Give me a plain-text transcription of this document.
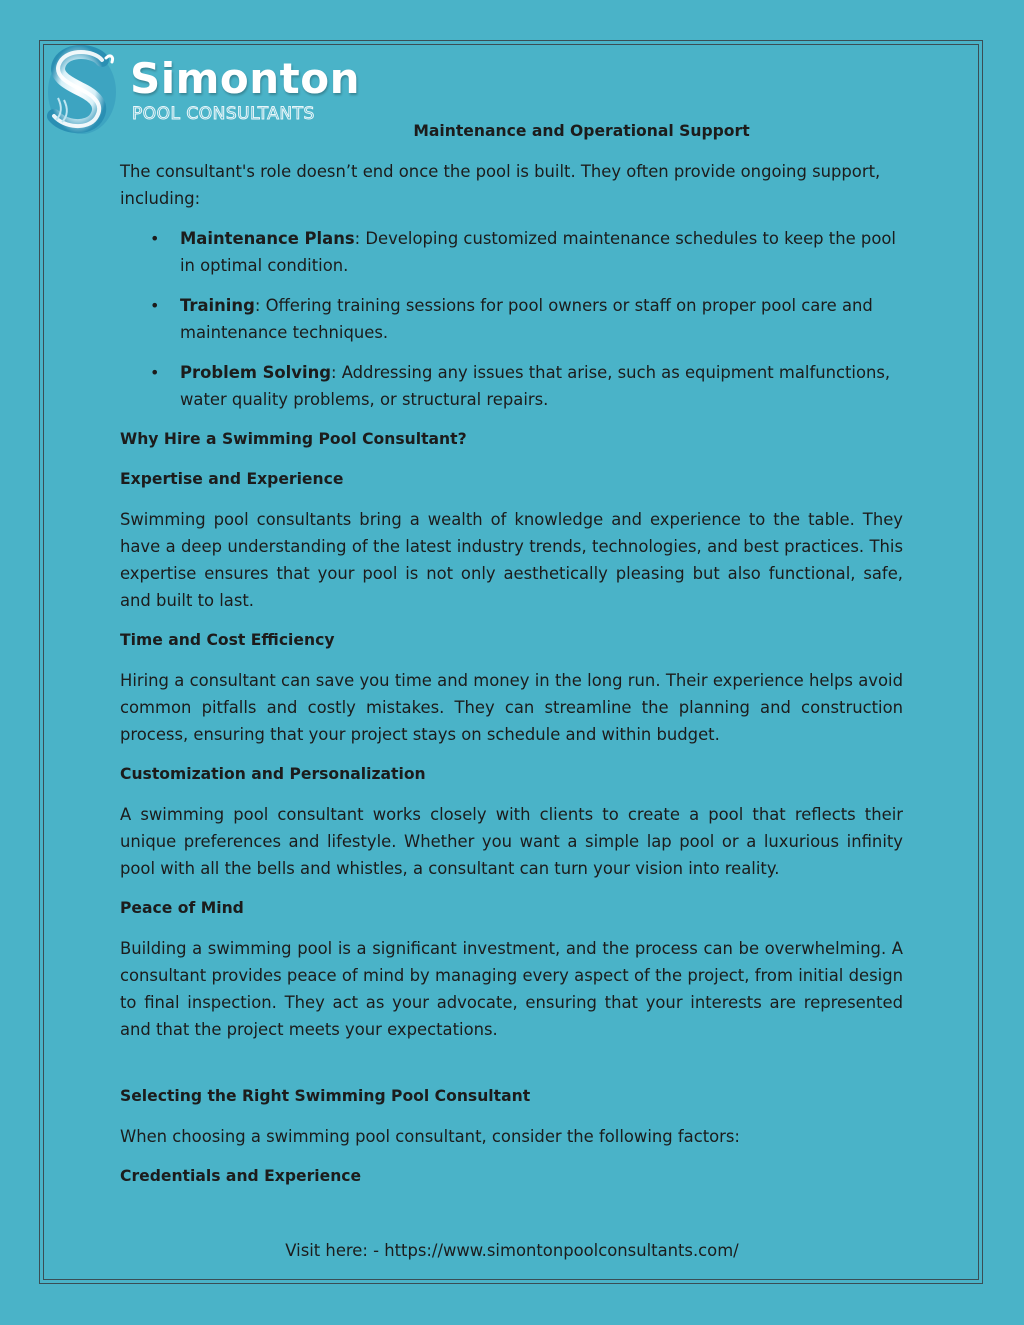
Simonton
POOL CONSULTANTS

Maintenance and Operational Support

The consultant's role doesn’t end once the pool is built. They often provide ongoing support, including:

• Maintenance Plans: Developing customized maintenance schedules to keep the pool in optimal condition.
• Training: Offering training sessions for pool owners or staff on proper pool care and maintenance techniques.
• Problem Solving: Addressing any issues that arise, such as equipment malfunctions, water quality problems, or structural repairs.

Why Hire a Swimming Pool Consultant?

Expertise and Experience

Swimming pool consultants bring a wealth of knowledge and experience to the table. They have a deep understanding of the latest industry trends, technologies, and best practices. This expertise ensures that your pool is not only aesthetically pleasing but also functional, safe, and built to last.

Time and Cost Efficiency

Hiring a consultant can save you time and money in the long run. Their experience helps avoid common pitfalls and costly mistakes. They can streamline the planning and construction process, ensuring that your project stays on schedule and within budget.

Customization and Personalization

A swimming pool consultant works closely with clients to create a pool that reflects their unique preferences and lifestyle. Whether you want a simple lap pool or a luxurious infinity pool with all the bells and whistles, a consultant can turn your vision into reality.

Peace of Mind

Building a swimming pool is a significant investment, and the process can be overwhelming. A consultant provides peace of mind by managing every aspect of the project, from initial design to final inspection. They act as your advocate, ensuring that your interests are represented and that the project meets your expectations.

Selecting the Right Swimming Pool Consultant

When choosing a swimming pool consultant, consider the following factors:

Credentials and Experience

Visit here: - https://www.simontonpoolconsultants.com/
